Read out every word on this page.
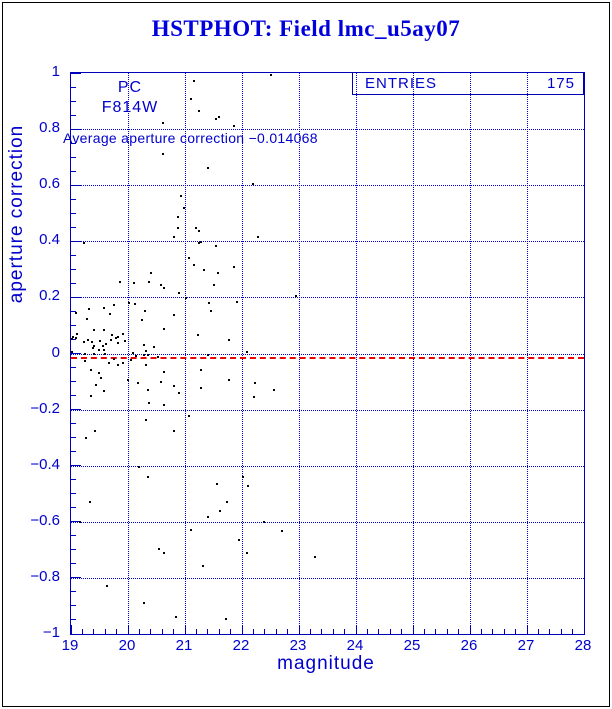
HSTPHOT: Field lmc_u5ay07
ENTRIES	175
PC
F814W
Average aperture correction −0.014068
aperture correction
magnitude
1
0.8
0.6
0.4
0.2
0
−0.2
−0.4
−0.6
−0.8
−1
19	20	21	22	23	24	25	26	27	28
